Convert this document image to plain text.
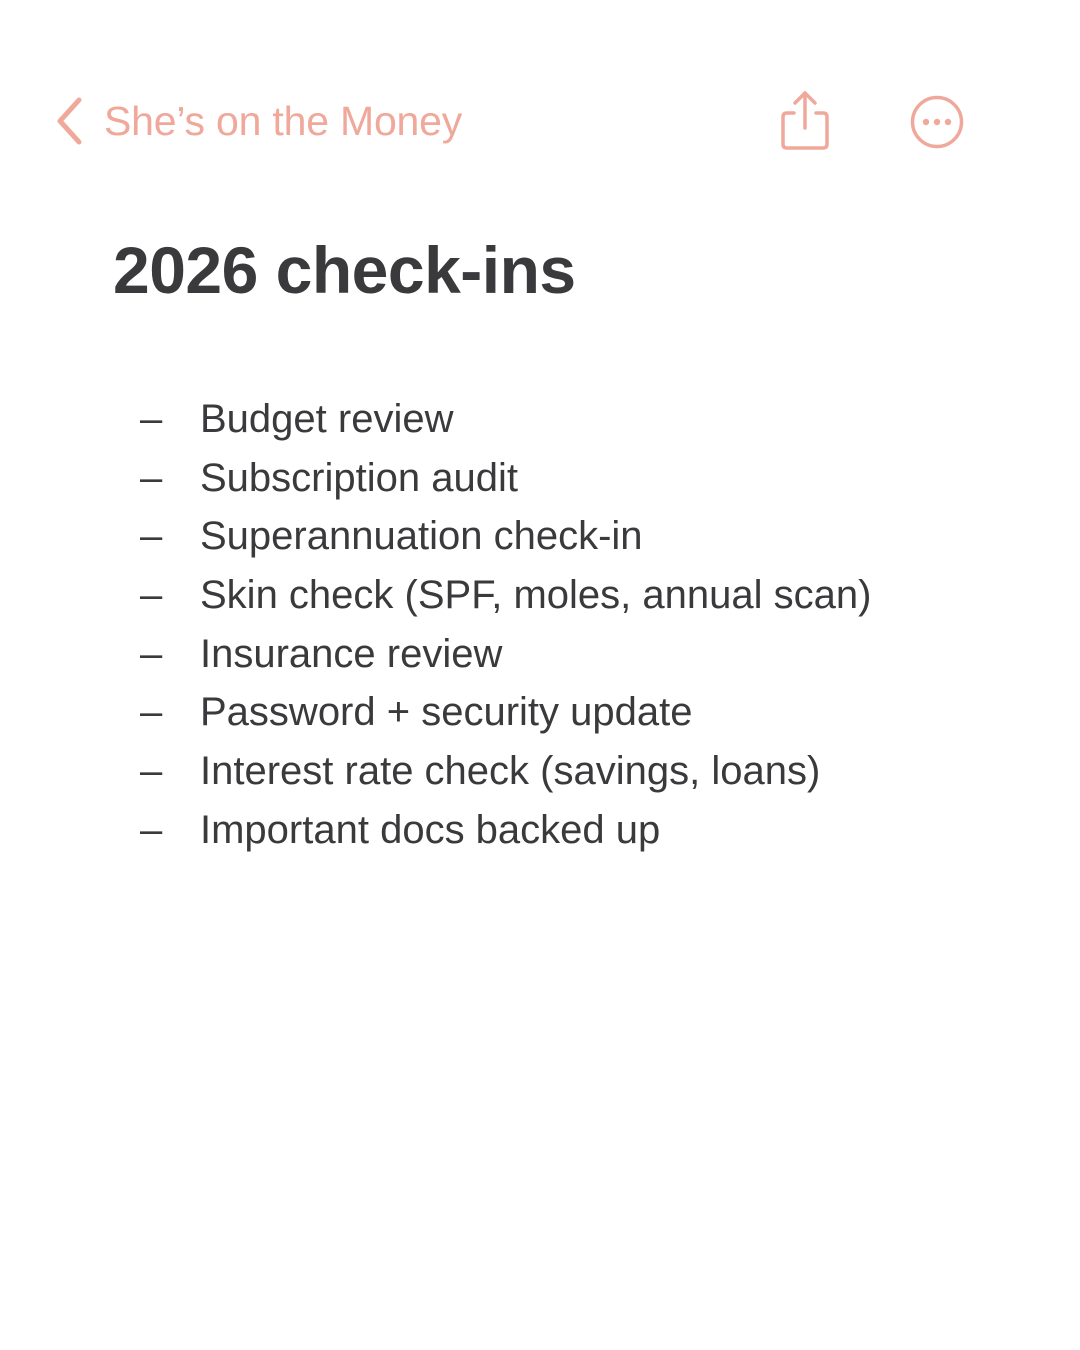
She’s on the Money
2026 check-ins
– Budget review
– Subscription audit
– Superannuation check-in
– Skin check (SPF, moles, annual scan)
– Insurance review
– Password + security update
– Interest rate check (savings, loans)
– Important docs backed up
